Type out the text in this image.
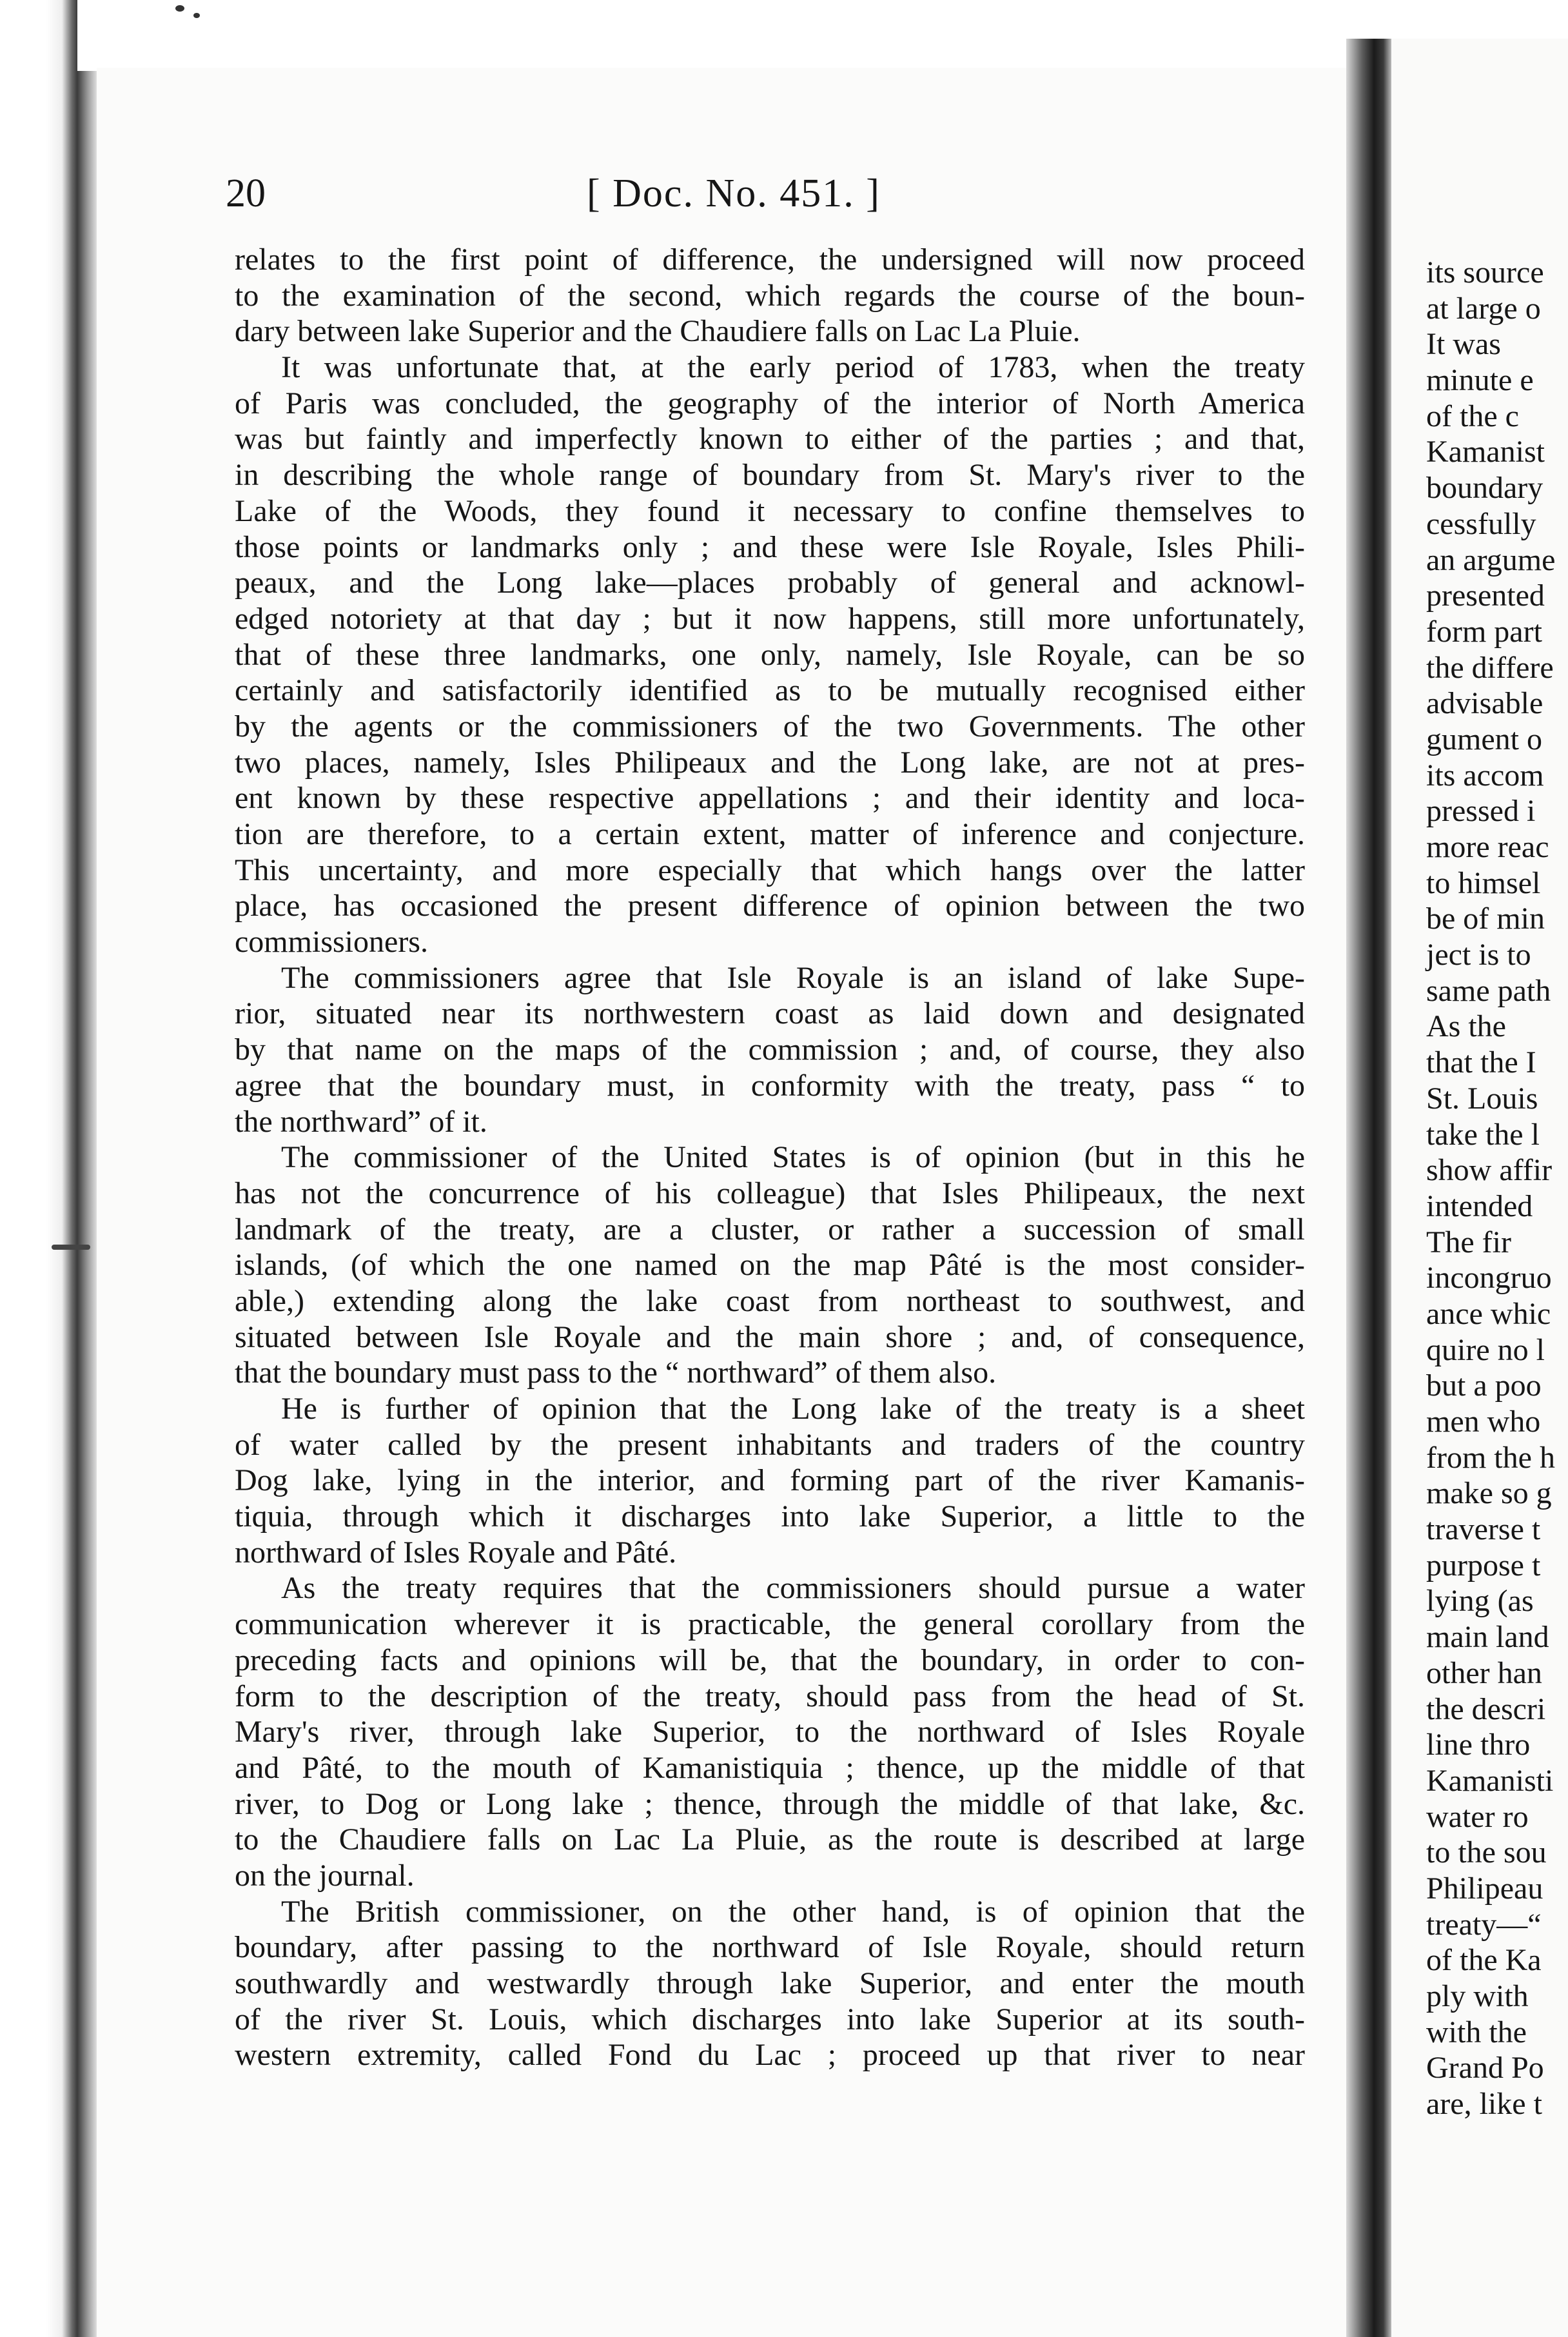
20	[ Doc. No. 451. ]
relates to the first point of difference, the undersigned will now proceed
to the examination of the second, which regards the course of the boun-
dary between lake Superior and the Chaudiere falls on Lac La Pluie.
It was unfortunate that, at the early period of 1783, when the treaty
of Paris was concluded, the geography of the interior of North America
was but faintly and imperfectly known to either of the parties ; and that,
in describing the whole range of boundary from St. Mary's river to the
Lake of the Woods, they found it necessary to confine themselves to
those points or landmarks only ; and these were Isle Royale, Isles Phili-
peaux, and the Long lake—places probably of general and acknowl-
edged notoriety at that day ; but it now happens, still more unfortunately,
that of these three landmarks, one only, namely, Isle Royale, can be so
certainly and satisfactorily identified as to be mutually recognised either
by the agents or the commissioners of the two Governments. The other
two places, namely, Isles Philipeaux and the Long lake, are not at pres-
ent known by these respective appellations ; and their identity and loca-
tion are therefore, to a certain extent, matter of inference and conjecture.
This uncertainty, and more especially that which hangs over the latter
place, has occasioned the present difference of opinion between the two
commissioners.
The commissioners agree that Isle Royale is an island of lake Supe-
rior, situated near its northwestern coast as laid down and designated
by that name on the maps of the commission ; and, of course, they also
agree that the boundary must, in conformity with the treaty, pass “ to
the northward” of it.
The commissioner of the United States is of opinion (but in this he
has not the concurrence of his colleague) that Isles Philipeaux, the next
landmark of the treaty, are a cluster, or rather a succession of small
islands, (of which the one named on the map Pâté is the most consider-
able,) extending along the lake coast from northeast to southwest, and
situated between Isle Royale and the main shore ; and, of consequence,
that the boundary must pass to the “ northward” of them also.
He is further of opinion that the Long lake of the treaty is a sheet
of water called by the present inhabitants and traders of the country
Dog lake, lying in the interior, and forming part of the river Kamanis-
tiquia, through which it discharges into lake Superior, a little to the
northward of Isles Royale and Pâté.
As the treaty requires that the commissioners should pursue a water
communication wherever it is practicable, the general corollary from the
preceding facts and opinions will be, that the boundary, in order to con-
form to the description of the treaty, should pass from the head of St.
Mary's river, through lake Superior, to the northward of Isles Royale
and Pâté, to the mouth of Kamanistiquia ; thence, up the middle of that
river, to Dog or Long lake ; thence, through the middle of that lake, &c.
to the Chaudiere falls on Lac La Pluie, as the route is described at large
on the journal.
The British commissioner, on the other hand, is of opinion that the
boundary, after passing to the northward of Isle Royale, should return
southwardly and westwardly through lake Superior, and enter the mouth
of the river St. Louis, which discharges into lake Superior at its south-
western extremity, called Fond du Lac ; proceed up that river to near
its source
at large o
It was
minute e
of the c
Kamanist
boundary
cessfully
an argume
presented
form part
the differe
advisable
gument o
its accom
pressed i
more reac
to himsel
be of min
ject is to
same path
As the
that the I
St. Louis
take the l
show affir
intended
The fir
incongruo
ance whic
quire no l
but a poo
men who
from the h
make so g
traverse t
purpose t
lying (as
main land
other han
the descri
line thro
Kamanisti
water ro
to the sou
Philipeau
treaty—“
of the Ka
ply with
with the
Grand Po
are, like t
